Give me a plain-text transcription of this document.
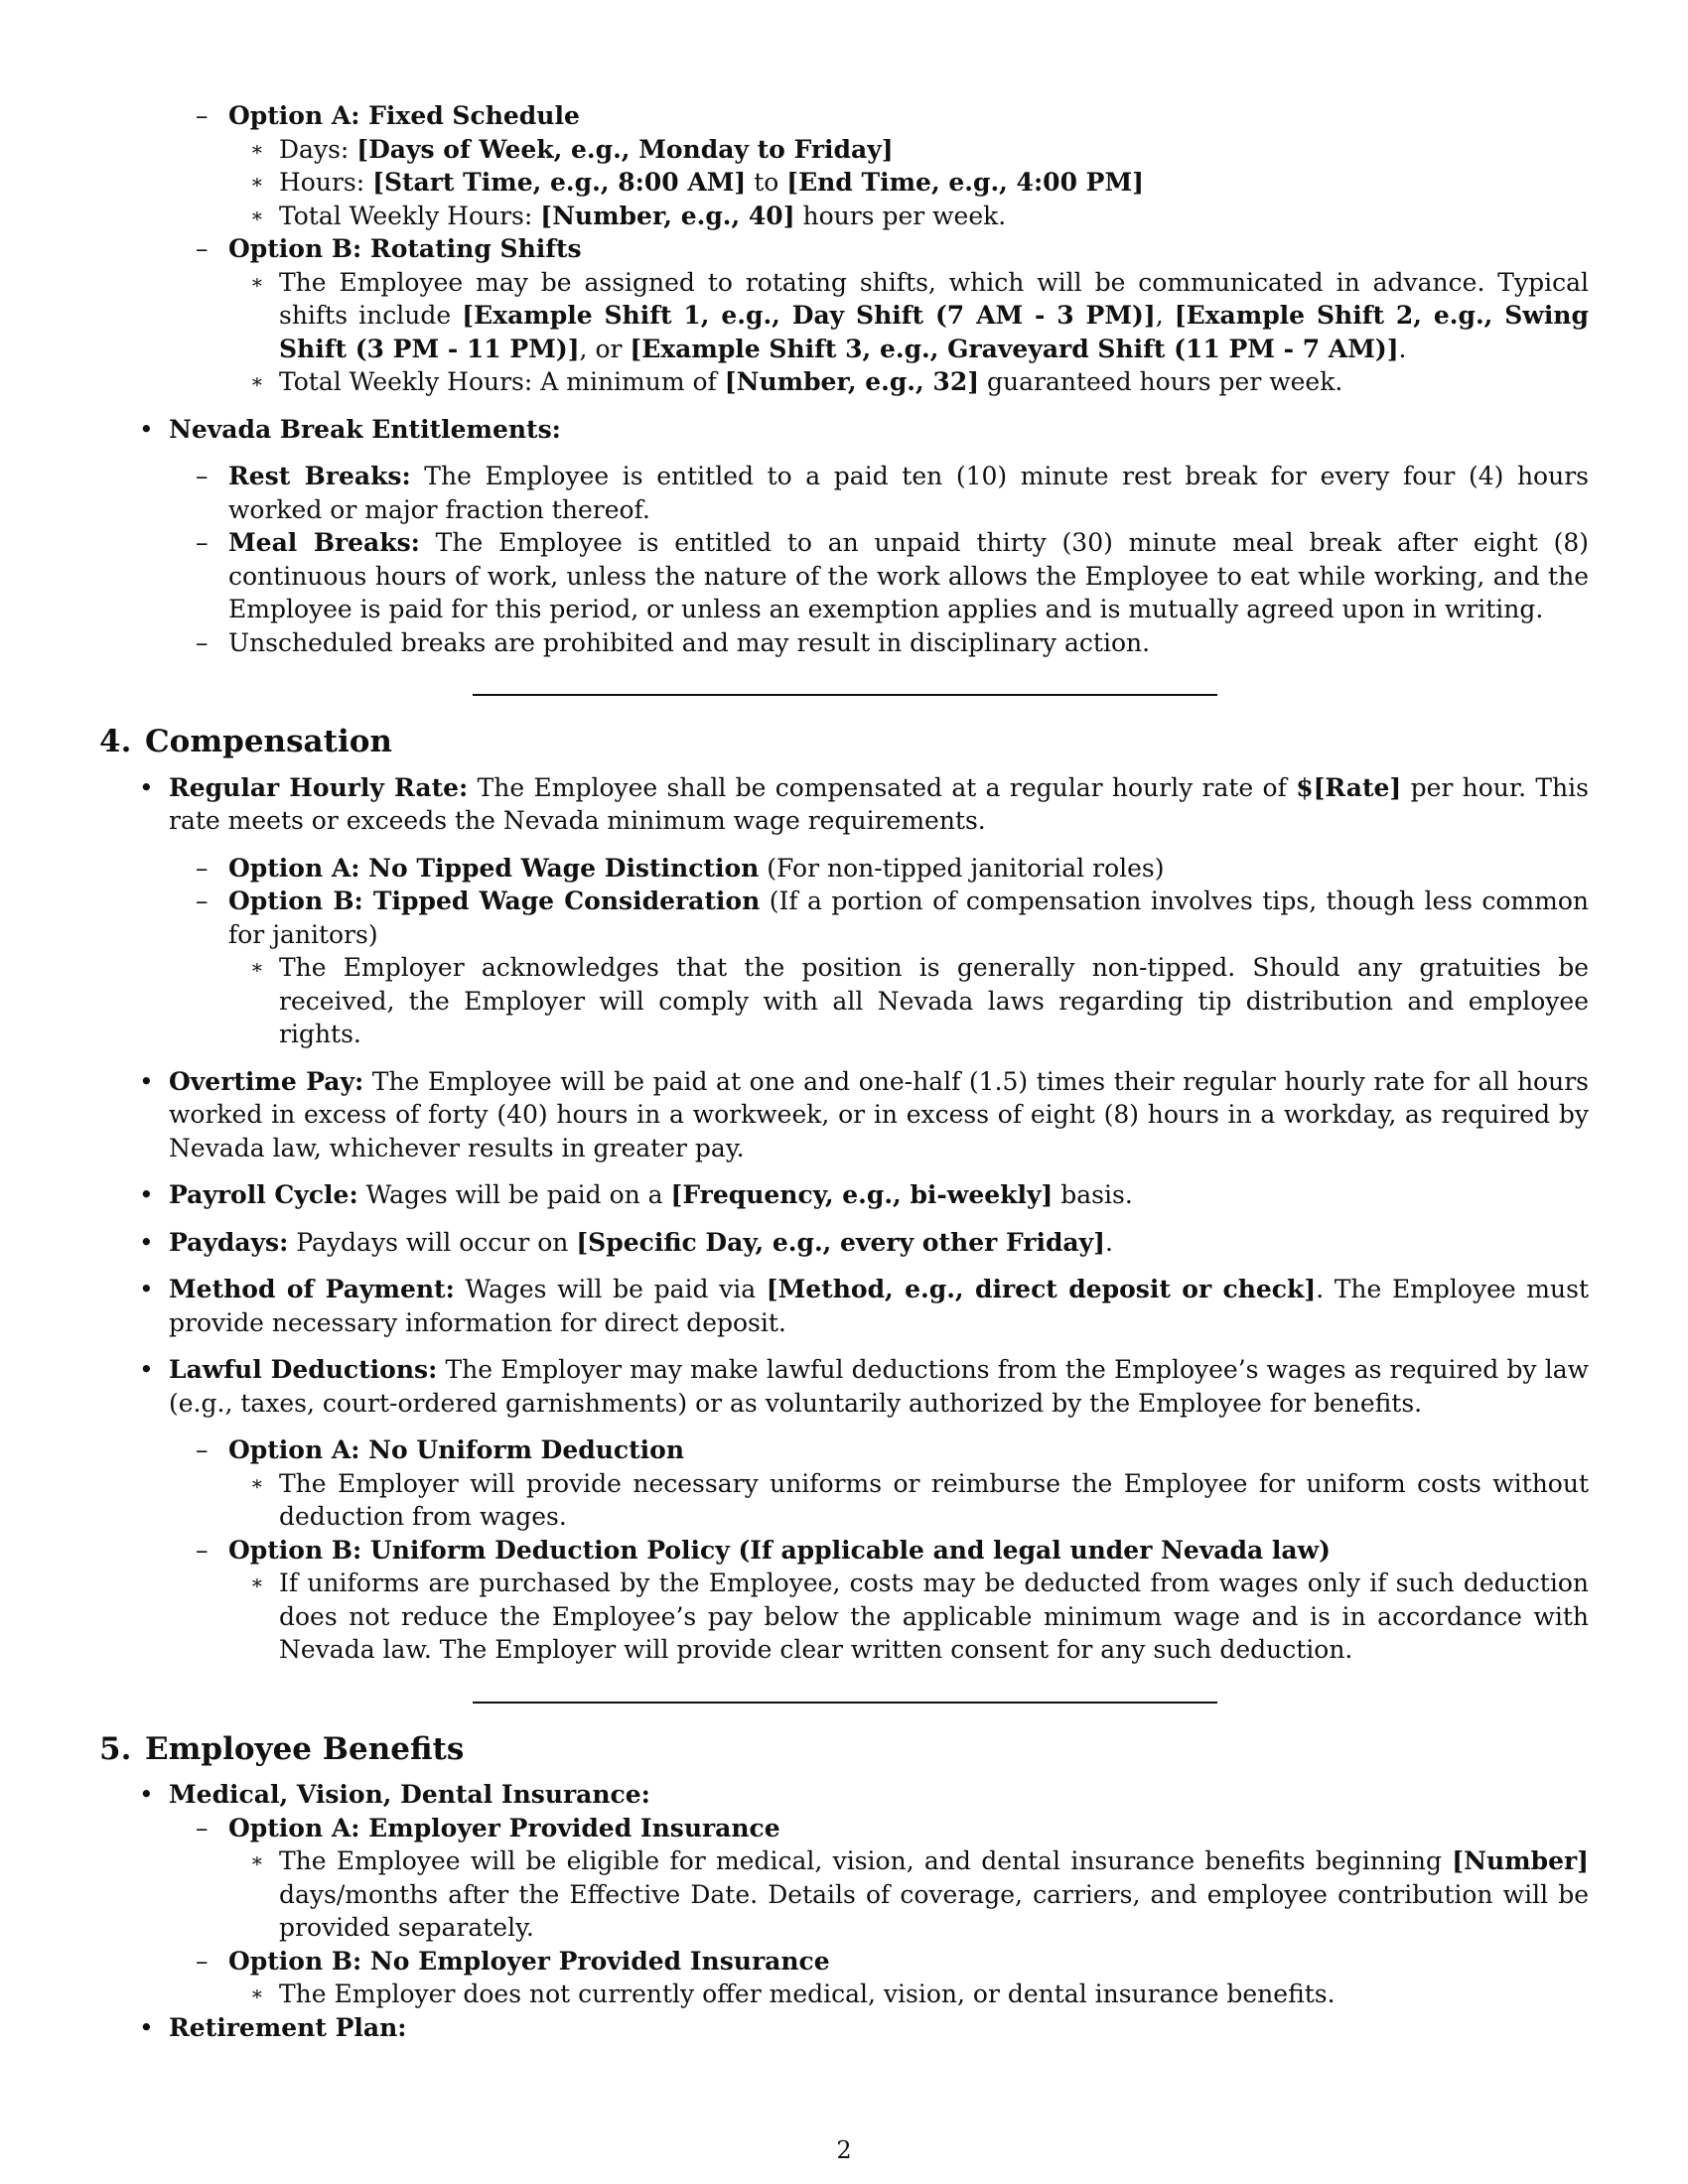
– Option A: Fixed Schedule
∗ Days: [Days of Week, e.g., Monday to Friday]
∗ Hours: [Start Time, e.g., 8:00 AM] to [End Time, e.g., 4:00 PM]
∗ Total Weekly Hours: [Number, e.g., 40] hours per week.
– Option B: Rotating Shifts
∗ The Employee may be assigned to rotating shifts, which will be communicated in advance. Typical shifts include [Example Shift 1, e.g., Day Shift (7 AM - 3 PM)], [Example Shift 2, e.g., Swing Shift (3 PM - 11 PM)], or [Example Shift 3, e.g., Graveyard Shift (11 PM - 7 AM)].
∗ Total Weekly Hours: A minimum of [Number, e.g., 32] guaranteed hours per week.
• Nevada Break Entitlements:
– Rest Breaks: The Employee is entitled to a paid ten (10) minute rest break for every four (4) hours worked or major fraction thereof.
– Meal Breaks: The Employee is entitled to an unpaid thirty (30) minute meal break after eight (8) continuous hours of work, unless the nature of the work allows the Employee to eat while working, and the Employee is paid for this period, or unless an exemption applies and is mutually agreed upon in writing.
– Unscheduled breaks are prohibited and may result in disciplinary action.
4. Compensation
• Regular Hourly Rate: The Employee shall be compensated at a regular hourly rate of $[Rate] per hour. This rate meets or exceeds the Nevada minimum wage requirements.
– Option A: No Tipped Wage Distinction (For non-tipped janitorial roles)
– Option B: Tipped Wage Consideration (If a portion of compensation involves tips, though less common for janitors)
∗ The Employer acknowledges that the position is generally non-tipped. Should any gratuities be received, the Employer will comply with all Nevada laws regarding tip distribution and employee rights.
• Overtime Pay: The Employee will be paid at one and one-half (1.5) times their regular hourly rate for all hours worked in excess of forty (40) hours in a workweek, or in excess of eight (8) hours in a workday, as required by Nevada law, whichever results in greater pay.
• Payroll Cycle: Wages will be paid on a [Frequency, e.g., bi-weekly] basis.
• Paydays: Paydays will occur on [Specific Day, e.g., every other Friday].
• Method of Payment: Wages will be paid via [Method, e.g., direct deposit or check]. The Employee must provide necessary information for direct deposit.
• Lawful Deductions: The Employer may make lawful deductions from the Employee’s wages as required by law (e.g., taxes, court-ordered garnishments) or as voluntarily authorized by the Employee for benefits.
– Option A: No Uniform Deduction
∗ The Employer will provide necessary uniforms or reimburse the Employee for uniform costs without deduction from wages.
– Option B: Uniform Deduction Policy (If applicable and legal under Nevada law)
∗ If uniforms are purchased by the Employee, costs may be deducted from wages only if such deduction does not reduce the Employee’s pay below the applicable minimum wage and is in accordance with Nevada law. The Employer will provide clear written consent for any such deduction.
5. Employee Benefits
• Medical, Vision, Dental Insurance:
– Option A: Employer Provided Insurance
∗ The Employee will be eligible for medical, vision, and dental insurance benefits beginning [Number] days/months after the Effective Date. Details of coverage, carriers, and employee contribution will be provided separately.
– Option B: No Employer Provided Insurance
∗ The Employer does not currently offer medical, vision, or dental insurance benefits.
• Retirement Plan:
2
